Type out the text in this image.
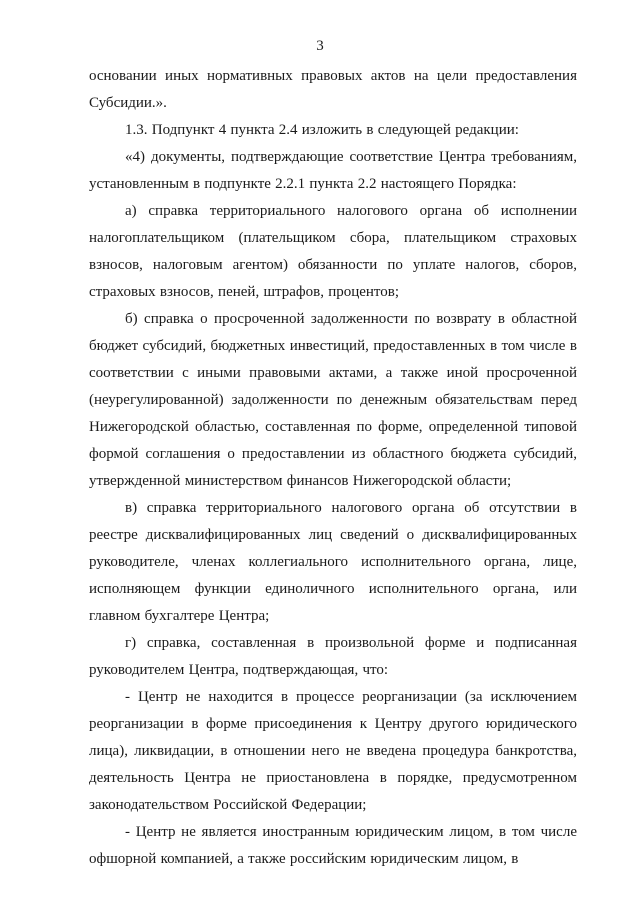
3

основании иных нормативных правовых актов на цели предоставления Субсидии.».

1.3. Подпункт 4 пункта 2.4 изложить в следующей редакции:

«4) документы, подтверждающие соответствие Центра требованиям, установленным в подпункте 2.2.1 пункта 2.2 настоящего Порядка:

а) справка территориального налогового органа об исполнении налогоплательщиком (плательщиком сбора, плательщиком страховых взносов, налоговым агентом) обязанности по уплате налогов, сборов, страховых взносов, пеней, штрафов, процентов;

б) справка о просроченной задолженности по возврату в областной бюджет субсидий, бюджетных инвестиций, предоставленных в том числе в соответствии с иными правовыми актами, а также иной просроченной (неурегулированной) задолженности по денежным обязательствам перед Нижегородской областью, составленная по форме, определенной типовой формой соглашения о предоставлении из областного бюджета субсидий, утвержденной министерством финансов Нижегородской области;

в) справка территориального налогового органа об отсутствии в реестре дисквалифицированных лиц сведений о дисквалифицированных руководителе, членах коллегиального исполнительного органа, лице, исполняющем функции единоличного исполнительного органа, или главном бухгалтере Центра;

г) справка, составленная в произвольной форме и подписанная руководителем Центра, подтверждающая, что:

- Центр не находится в процессе реорганизации (за исключением реорганизации в форме присоединения к Центру другого юридического лица), ликвидации, в отношении него не введена процедура банкротства, деятельность Центра не приостановлена в порядке, предусмотренном законодательством Российской Федерации;

- Центр не является иностранным юридическим лицом, в том числе офшорной компанией, а также российским юридическим лицом, в
